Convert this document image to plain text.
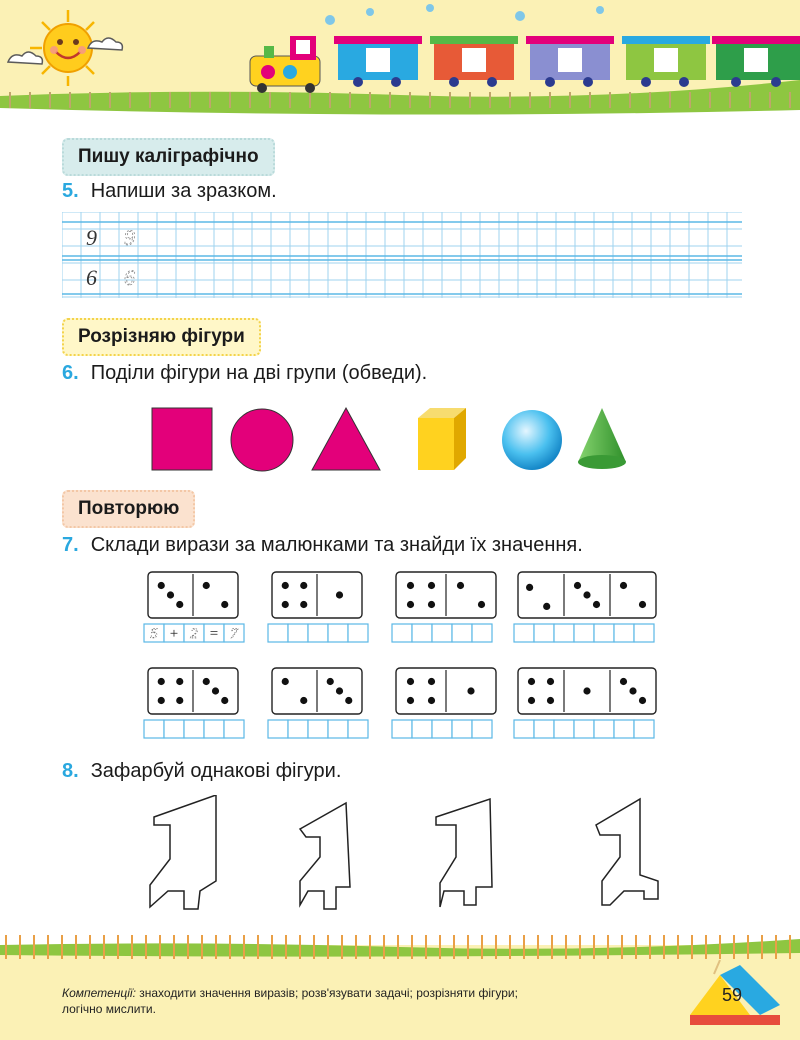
Пишу каліграфічно
5. Напиши за зразком.
9 9
6 6
Розрізняю фігури
6. Поділи фігури на дві групи (обведи).
Повторюю
7. Склади вирази за малюнками та знайди їх значення.
5 + 2 = 7
8. Зафарбуй однакові фігури.
Компетенції: знаходити значення виразів; розв'язувати задачі; розрізняти фігури; логічно мислити.
59
